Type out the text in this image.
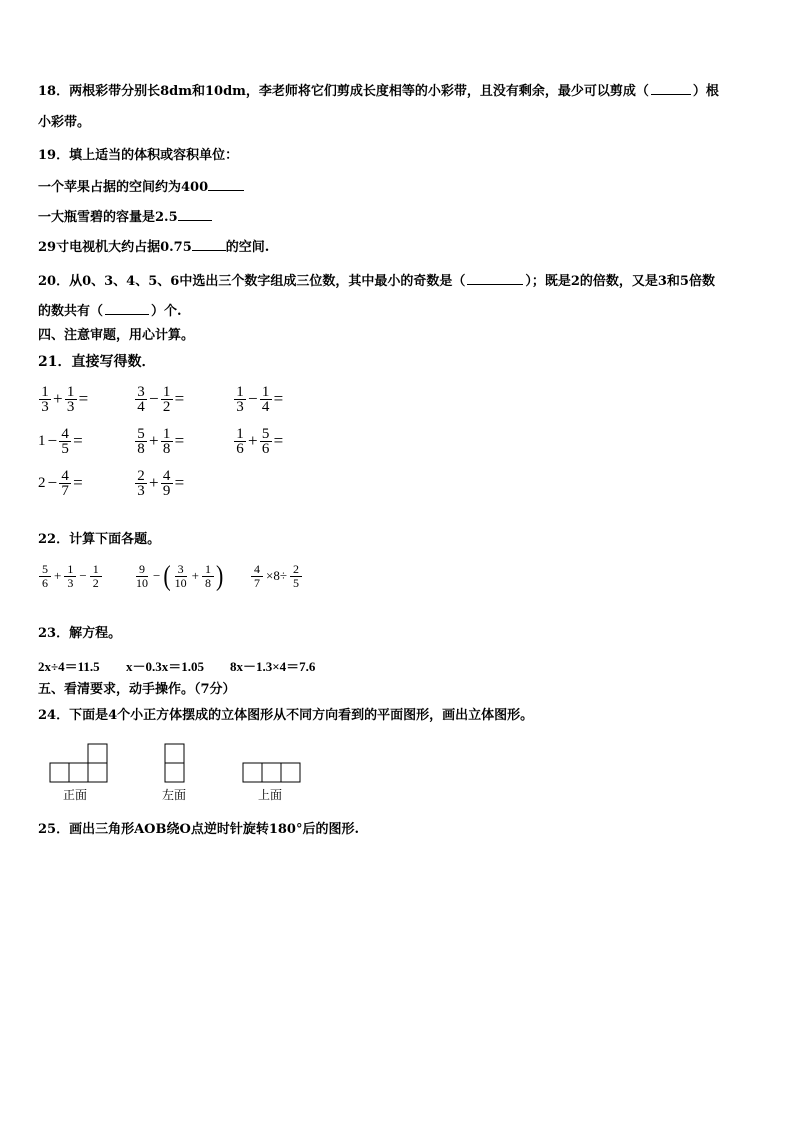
18．两根彩带分别长8dm和10dm，李老师将它们剪成长度相等的小彩带，且没有剩余，最少可以剪成（	）根
小彩带。
19．填上适当的体积或容积单位：
一个苹果占据的空间约为400
一大瓶雪碧的容量是2.5
29寸电视机大约占据0.75	的空间.
20．从0、3、4、5、6中选出三个数字组成三位数，其中最小的奇数是（	）；既是2的倍数，又是3和5倍数
的数共有（	）个.
四、注意审题，用心计算。
21．直接写得数．
$\frac{1}{3} + \frac{1}{3}$ =	$\frac{3}{4} - \frac{1}{2}$ =	$\frac{1}{3} - \frac{1}{4}$ =
$1 - \frac{4}{5}$ =	$\frac{5}{8} + \frac{1}{8}$ =	$\frac{1}{6} + \frac{5}{6}$ =
$2 - \frac{4}{7}$ =	$\frac{2}{3} + \frac{4}{9}$ =
22．计算下面各题。
$\frac{5}{6} + \frac{1}{3} - \frac{1}{2}$	$\frac{9}{10}$ − ( $\frac{3}{10} + \frac{1}{8}$ ) $\frac{4}{7} \times 8\div \frac{2}{5}$
23．解方程。
2x÷4＝11.5 x－0.3x＝1.05 8x－1.3×4＝7.6
五、看清要求，动手操作。（7分）
24．下面是4个小正方体摆成的立体图形从不同方向看到的平面图形，画出立体图形。
正面	左面	上面
25．画出三角形AOB绕O点逆时针旋转180°后的图形.
